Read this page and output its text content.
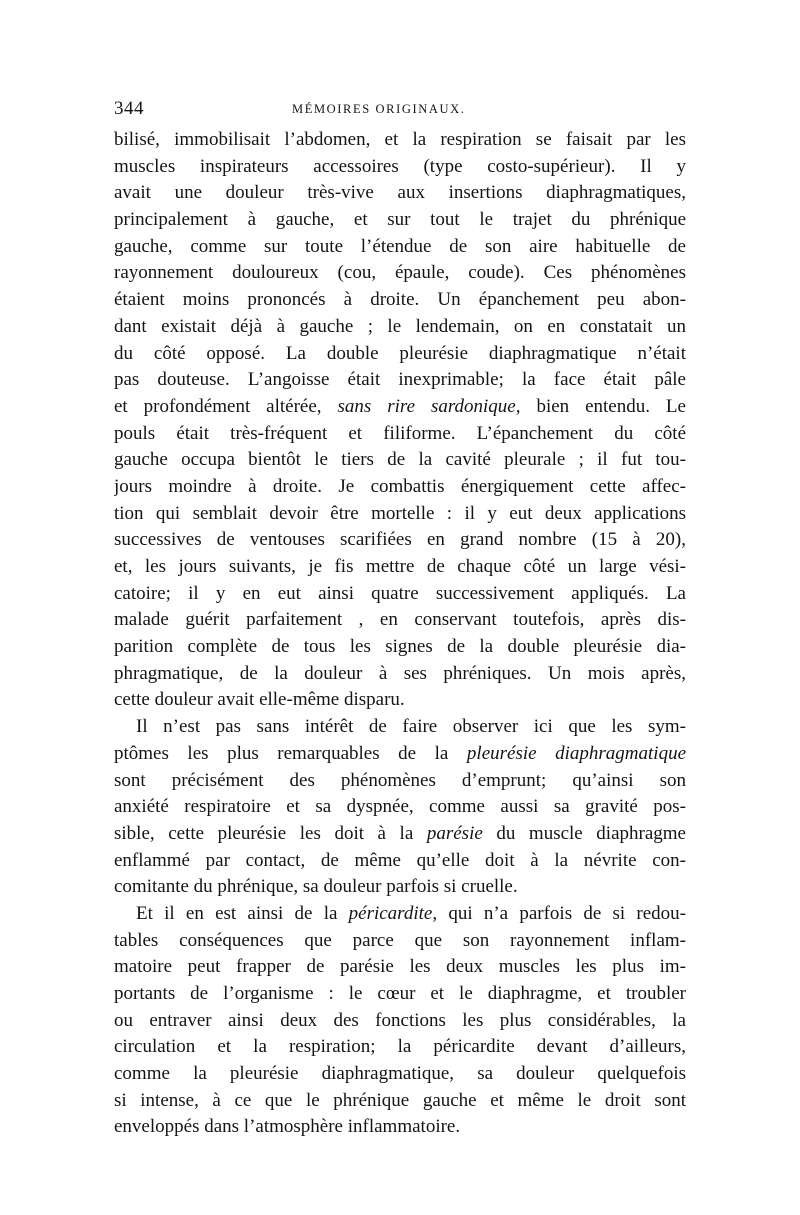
344	MÉMOIRES ORIGINAUX.
bilisé, immobilisait l’abdomen, et la respiration se faisait par les
muscles inspirateurs accessoires (type costo-supérieur). Il y
avait une douleur très-vive aux insertions diaphragmatiques,
principalement à gauche, et sur tout le trajet du phrénique
gauche, comme sur toute l’étendue de son aire habituelle de
rayonnement douloureux (cou, épaule, coude). Ces phénomènes
étaient moins prononcés à droite. Un épanchement peu abon-
dant existait déjà à gauche ; le lendemain, on en constatait un
du côté opposé. La double pleurésie diaphragmatique n’était
pas douteuse. L’angoisse était inexprimable; la face était pâle
et profondément altérée, sans rire sardonique, bien entendu. Le
pouls était très-fréquent et filiforme. L’épanchement du côté
gauche occupa bientôt le tiers de la cavité pleurale ; il fut tou-
jours moindre à droite. Je combattis énergiquement cette affec-
tion qui semblait devoir être mortelle : il y eut deux applications
successives de ventouses scarifiées en grand nombre (15 à 20),
et, les jours suivants, je fis mettre de chaque côté un large vési-
catoire; il y en eut ainsi quatre successivement appliqués. La
malade guérit parfaitement , en conservant toutefois, après dis-
parition complète de tous les signes de la double pleurésie dia-
phragmatique, de la douleur à ses phréniques. Un mois après,
cette douleur avait elle-même disparu.
Il n’est pas sans intérêt de faire observer ici que les sym-
ptômes les plus remarquables de la pleurésie diaphragmatique
sont précisément des phénomènes d’emprunt; qu’ainsi son
anxiété respiratoire et sa dyspnée, comme aussi sa gravité pos-
sible, cette pleurésie les doit à la parésie du muscle diaphragme
enflammé par contact, de même qu’elle doit à la névrite con-
comitante du phrénique, sa douleur parfois si cruelle.
Et il en est ainsi de la péricardite, qui n’a parfois de si redou-
tables conséquences que parce que son rayonnement inflam-
matoire peut frapper de parésie les deux muscles les plus im-
portants de l’organisme : le cœur et le diaphragme, et troubler
ou entraver ainsi deux des fonctions les plus considérables, la
circulation et la respiration; la péricardite devant d’ailleurs,
comme la pleurésie diaphragmatique, sa douleur quelquefois
si intense, à ce que le phrénique gauche et même le droit sont
enveloppés dans l’atmosphère inflammatoire.
